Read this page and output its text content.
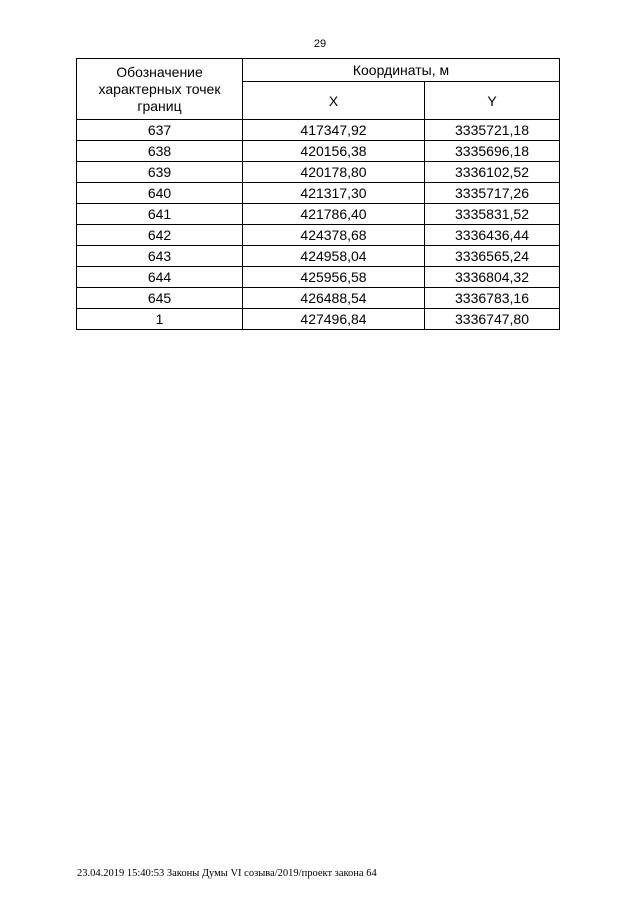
29
Обозначение характерных точек границ	Координаты, м	
	X	Y
637	417347,92	3335721,18
638	420156,38	3335696,18
639	420178,80	3336102,52
640	421317,30	3335717,26
641	421786,40	3335831,52
642	424378,68	3336436,44
643	424958,04	3336565,24
644	425956,58	3336804,32
645	426488,54	3336783,16
1	427496,84	3336747,80
23.04.2019 15:40:53 Законы Думы VI созыва/2019/проект закона 64
